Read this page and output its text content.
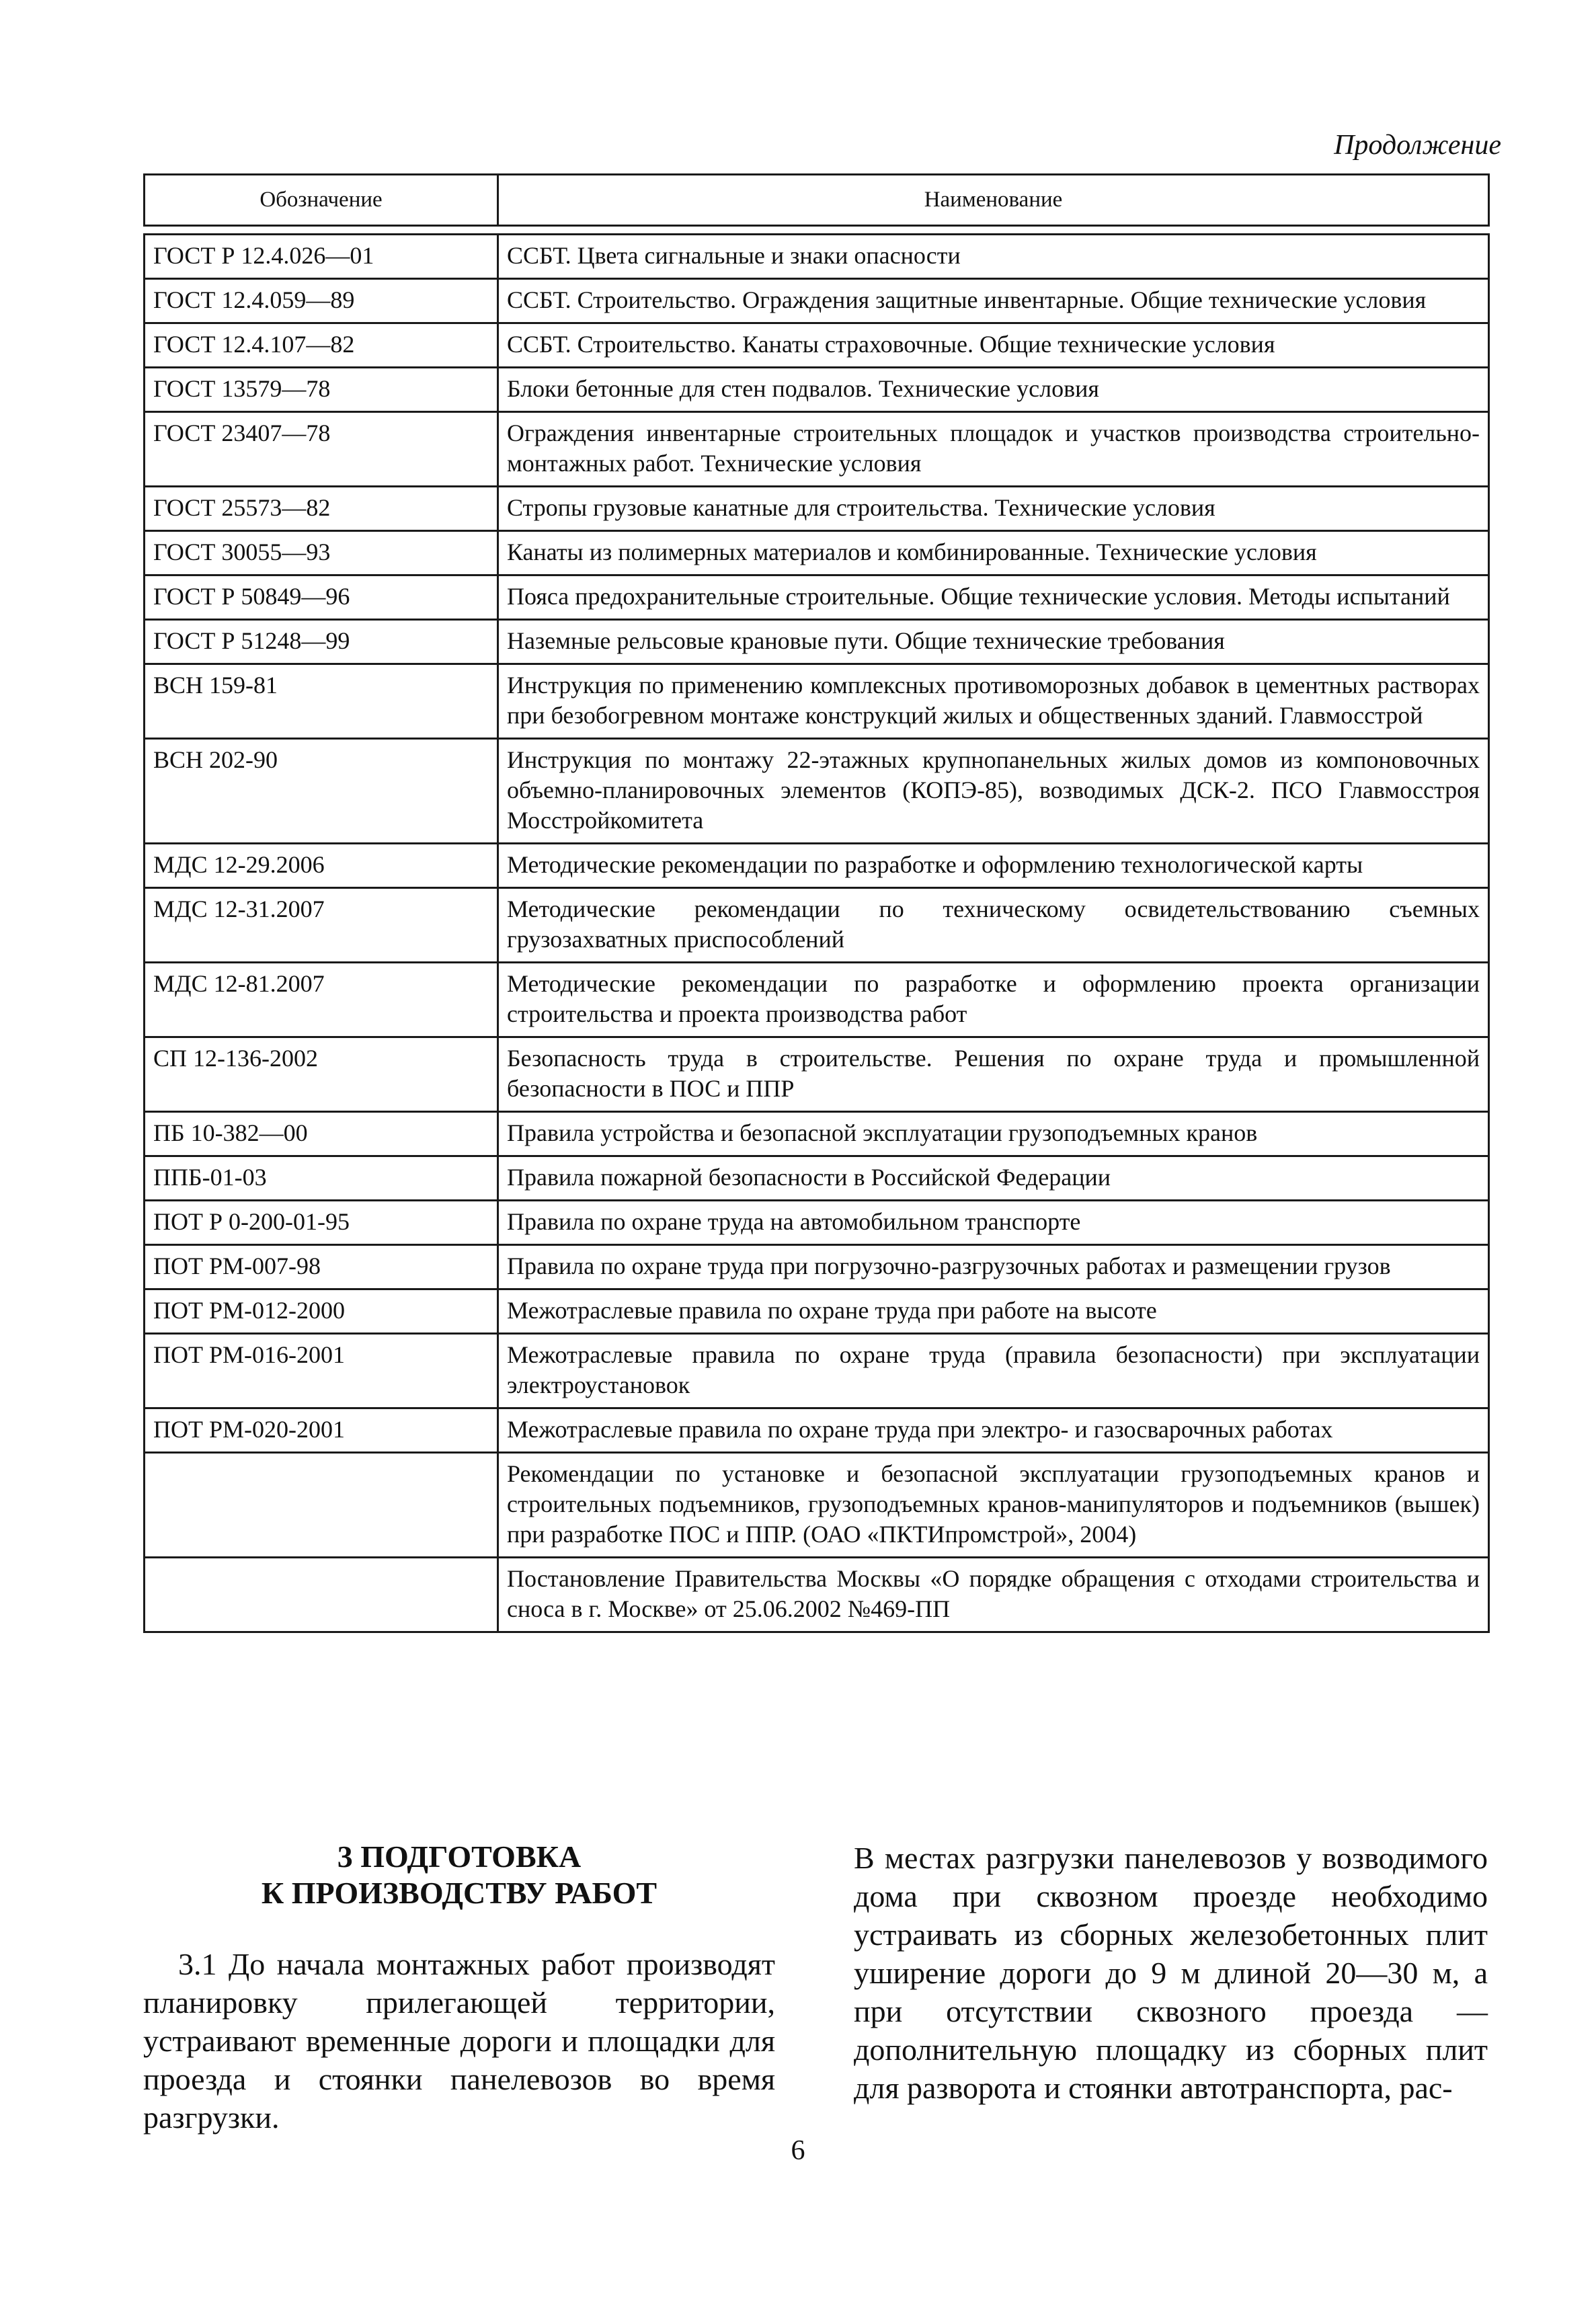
Продолжение
Обозначение	Наименование

ГОСТ Р 12.4.026—01	ССБТ. Цвета сигнальные и знаки опасности
ГОСТ 12.4.059—89	ССБТ. Строительство. Ограждения защитные инвентарные. Общие технические условия
ГОСТ 12.4.107—82	ССБТ. Строительство. Канаты страховочные. Общие технические условия
ГОСТ 13579—78	Блоки бетонные для стен подвалов. Технические условия
ГОСТ 23407—78	Ограждения инвентарные строительных площадок и участков производства строительно-монтажных работ. Технические условия
ГОСТ 25573—82	Стропы грузовые канатные для строительства. Технические условия
ГОСТ 30055—93	Канаты из полимерных материалов и комбинированные. Технические условия
ГОСТ Р 50849—96	Пояса предохранительные строительные. Общие технические условия. Методы испытаний
ГОСТ Р 51248—99	Наземные рельсовые крановые пути. Общие технические требования
ВСН 159-81	Инструкция по применению комплексных противоморозных добавок в цементных растворах при безобогревном монтаже конструкций жилых и общественных зданий. Главмосстрой
ВСН 202-90	Инструкция по монтажу 22-этажных крупнопанельных жилых домов из компоновочных объемно-планировочных элементов (КОПЭ-85), возводимых ДСК-2. ПСО Главмосстроя Мосстройкомитета
МДС 12-29.2006	Методические рекомендации по разработке и оформлению технологической карты
МДС 12-31.2007	Методические рекомендации по техническому освидетельствованию съемных грузозахватных приспособлений
МДС 12-81.2007	Методические рекомендации по разработке и оформлению проекта организации строительства и проекта производства работ
СП 12-136-2002	Безопасность труда в строительстве. Решения по охране труда и промышленной безопасности в ПОС и ППР
ПБ 10-382—00	Правила устройства и безопасной эксплуатации грузоподъемных кранов
ППБ-01-03	Правила пожарной безопасности в Российской Федерации
ПОТ Р 0-200-01-95	Правила по охране труда на автомобильном транспорте
ПОТ РМ-007-98	Правила по охране труда при погрузочно-разгрузочных работах и размещении грузов
ПОТ РМ-012-2000	Межотраслевые правила по охране труда при работе на высоте
ПОТ РМ-016-2001	Межотраслевые правила по охране труда (правила безопасности) при эксплуатации электроустановок
ПОТ РМ-020-2001	Межотраслевые правила по охране труда при электро- и газосварочных работах
	Рекомендации по установке и безопасной эксплуатации грузоподъемных кранов и строительных подъемников, грузоподъемных кранов-манипуляторов и подъемников (вышек) при разработке ПОС и ППР. (ОАО «ПКТИпромстрой», 2004)
	Постановление Правительства Москвы «О порядке обращения с отходами строительства и сноса в г. Москве» от 25.06.2002 №469-ПП
3 ПОДГОТОВКА
К ПРОИЗВОДСТВУ РАБОТ
3.1 До начала монтажных работ производят планировку прилегающей территории, устраивают временные дороги и площадки для проезда и стоянки панелевозов во время разгрузки.
В местах разгрузки панелевозов у возводимого дома при сквозном проезде необходимо устраивать из сборных железобетонных плит уширение дороги до 9 м длиной 20—30 м, а при отсутствии сквозного проезда — дополнительную площадку из сборных плит для разворота и стоянки автотранспорта, рас-
6
